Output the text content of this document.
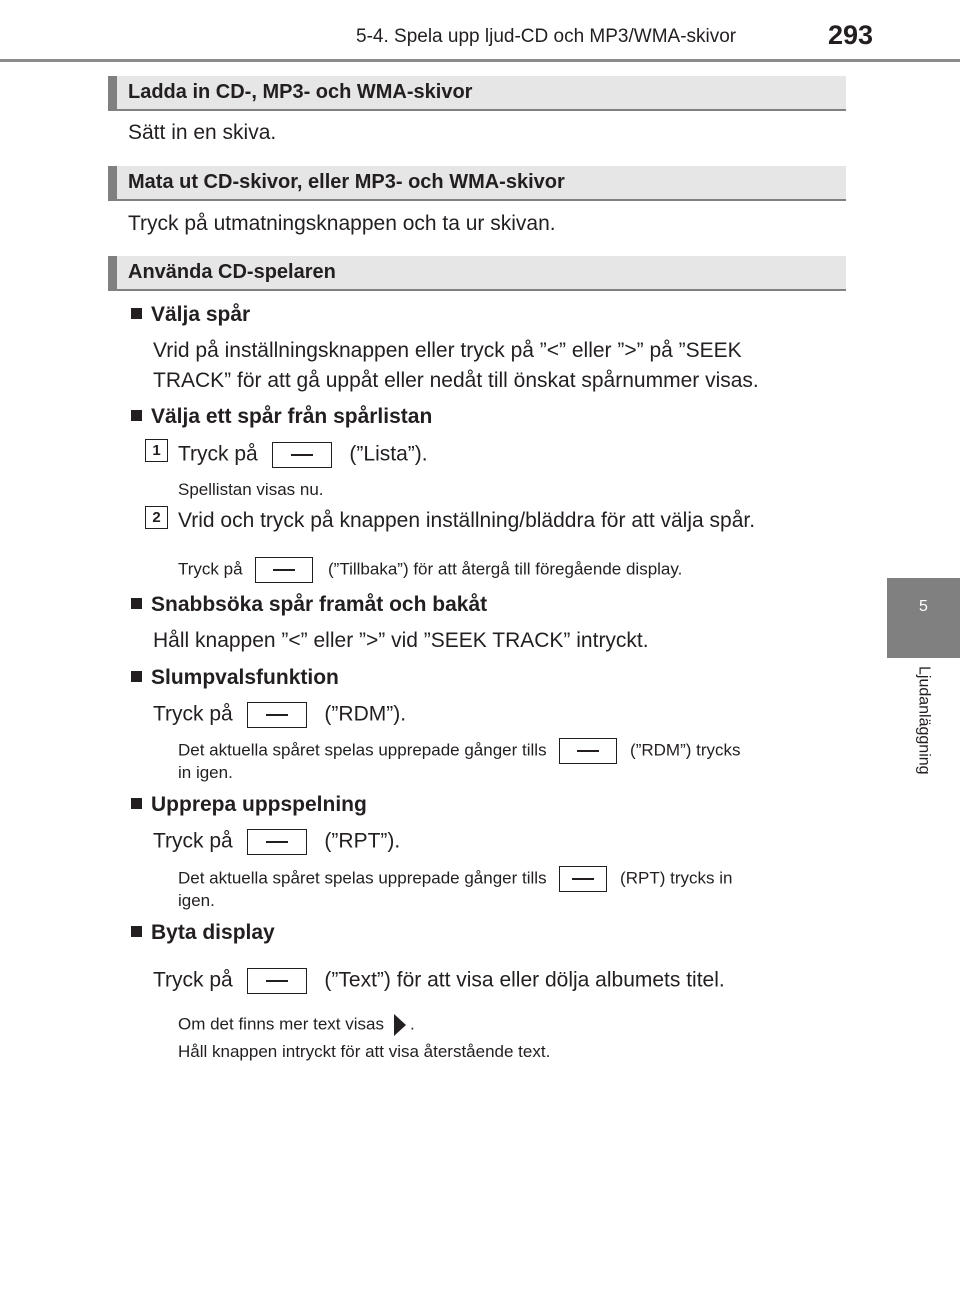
5-4. Spela upp ljud-CD och MP3/WMA-skivor	293
5
Ljudanläggning
Ladda in CD-, MP3- och WMA-skivor
Sätt in en skiva.
Mata ut CD-skivor, eller MP3- och WMA-skivor
Tryck på utmatningsknappen och ta ur skivan.
Använda CD-spelaren
Välja spår
Vrid på inställningsknappen eller tryck på ”<” eller ”>” på ”SEEK
TRACK” för att gå uppåt eller nedåt till önskat spårnummer visas.
Välja ett spår från spårlistan
1 Tryck på	(”Lista”).
Spellistan visas nu.
2 Vrid och tryck på knappen inställning/bläddra för att välja spår.
Tryck på	(”Tillbaka”) för att återgå till föregående display.
Snabbsöka spår framåt och bakåt
Håll knappen ”<” eller ”>” vid ”SEEK TRACK” intryckt.
Slumpvalsfunktion
Tryck på	(”RDM”).
Det aktuella spåret spelas upprepade gånger tills	(”RDM”) trycks
in igen.
Upprepa uppspelning
Tryck på	(”RPT”).
Det aktuella spåret spelas upprepade gånger tills	(RPT) trycks in
igen.
Byta display
Tryck på	(”Text”) för att visa eller dölja albumets titel.
Om det finns mer text visas .
Håll knappen intryckt för att visa återstående text.
